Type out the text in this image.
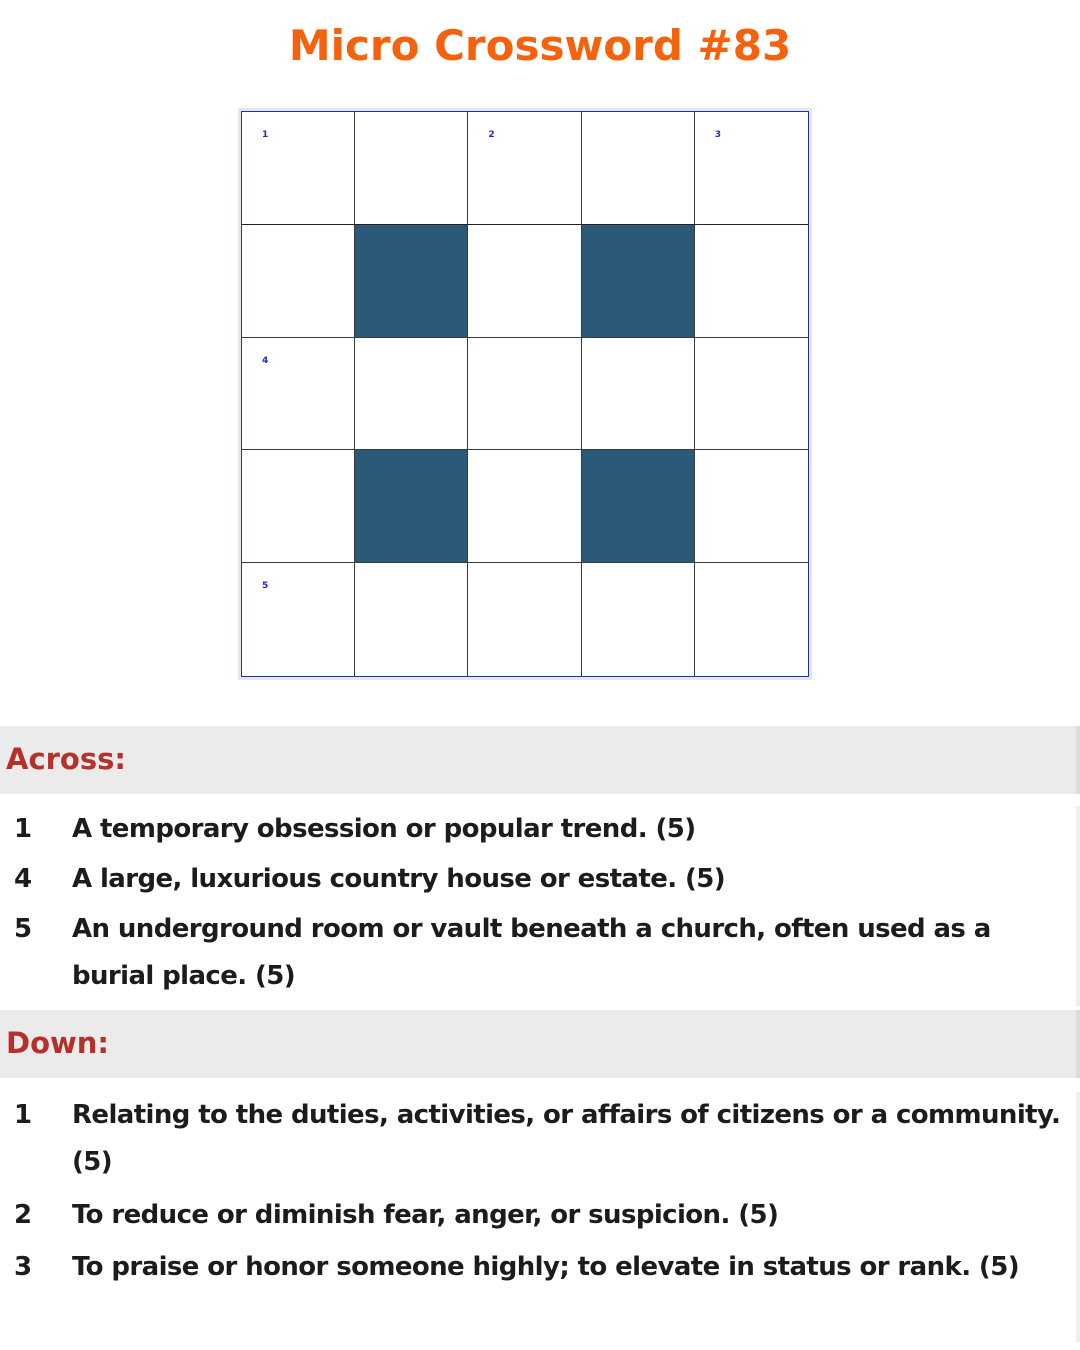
Micro Crossword #83
1	2	3
4
5
Across:
1 A temporary obsession or popular trend. (5)
4 A large, luxurious country house or estate. (5)
5 An underground room or vault beneath a church, often used as a burial place. (5)
Down:
1 Relating to the duties, activities, or affairs of citizens or a community. (5)
2 To reduce or diminish fear, anger, or suspicion. (5)
3 To praise or honor someone highly; to elevate in status or rank. (5)
